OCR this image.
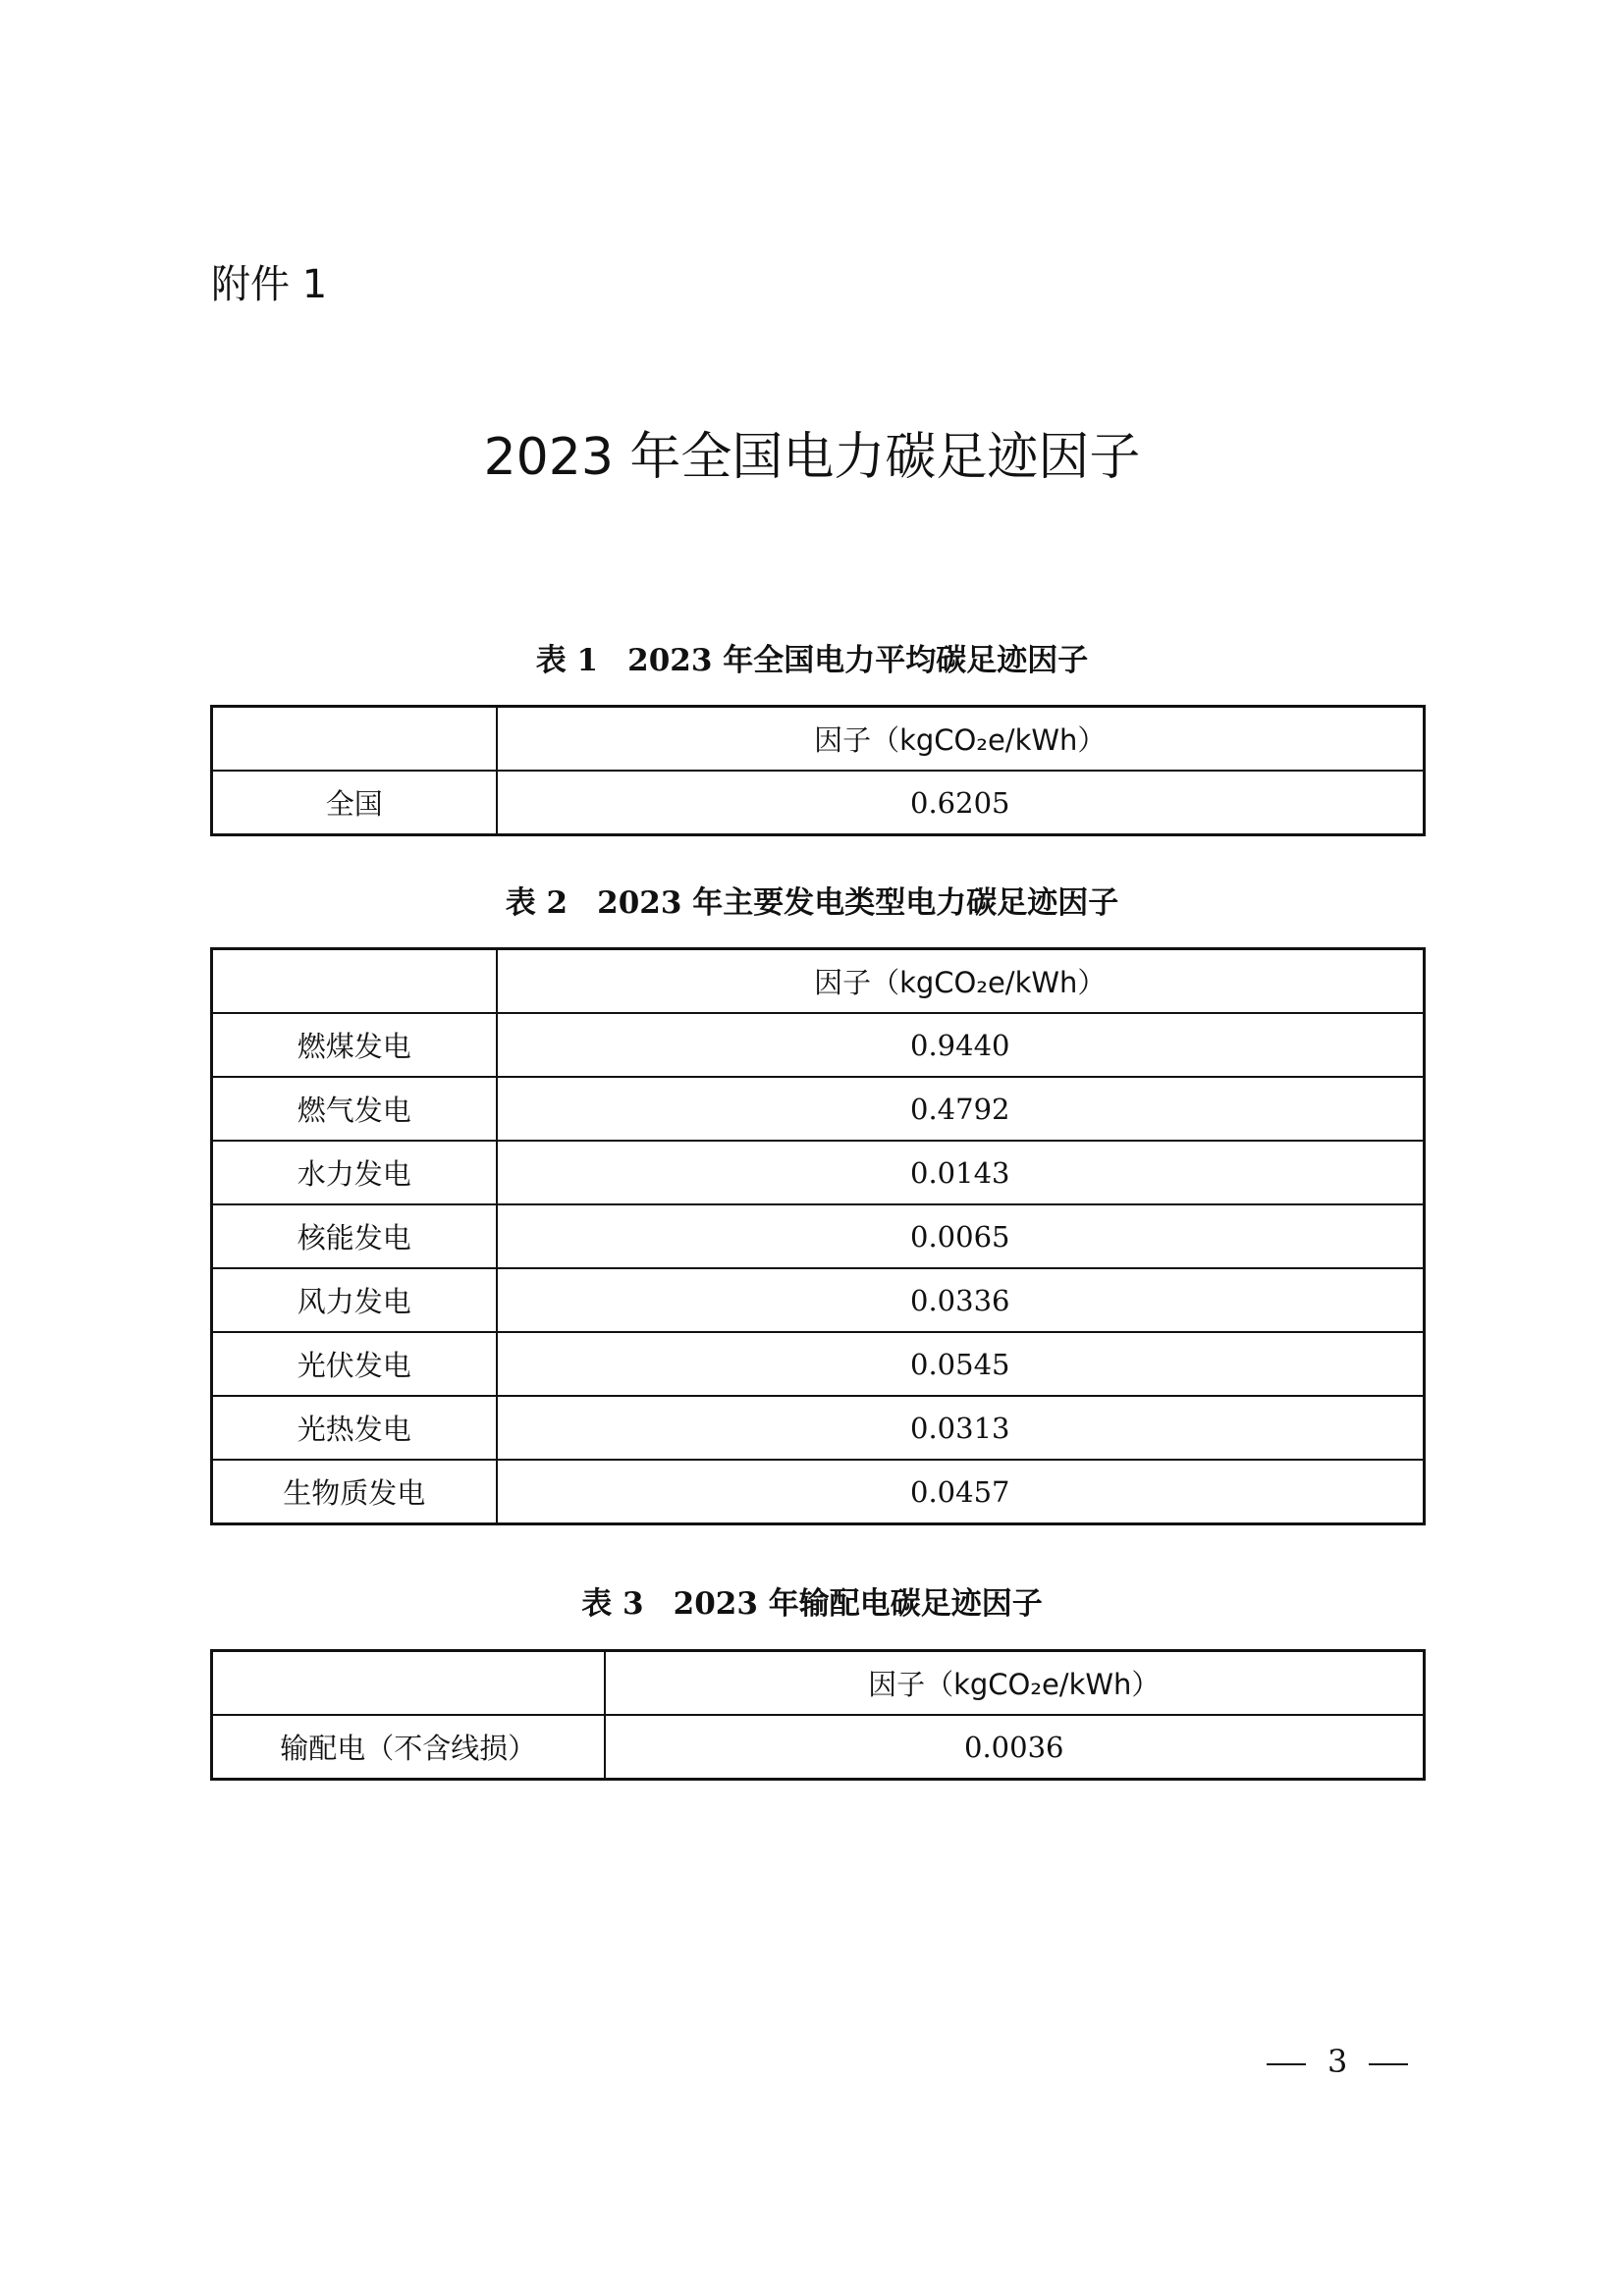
附件 1
2023 年全国电力碳足迹因子
表 1 2023 年全国电力平均碳足迹因子
	因子（kgCO₂e/kWh）
全国	0.6205
表 2 2023 年主要发电类型电力碳足迹因子
	因子（kgCO₂e/kWh）
燃煤发电	0.9440
燃气发电	0.4792
水力发电	0.0143
核能发电	0.0065
风力发电	0.0336
光伏发电	0.0545
光热发电	0.0313
生物质发电	0.0457
表 3 2023 年输配电碳足迹因子
	因子（kgCO₂e/kWh）
输配电（不含线损）	0.0036
3
